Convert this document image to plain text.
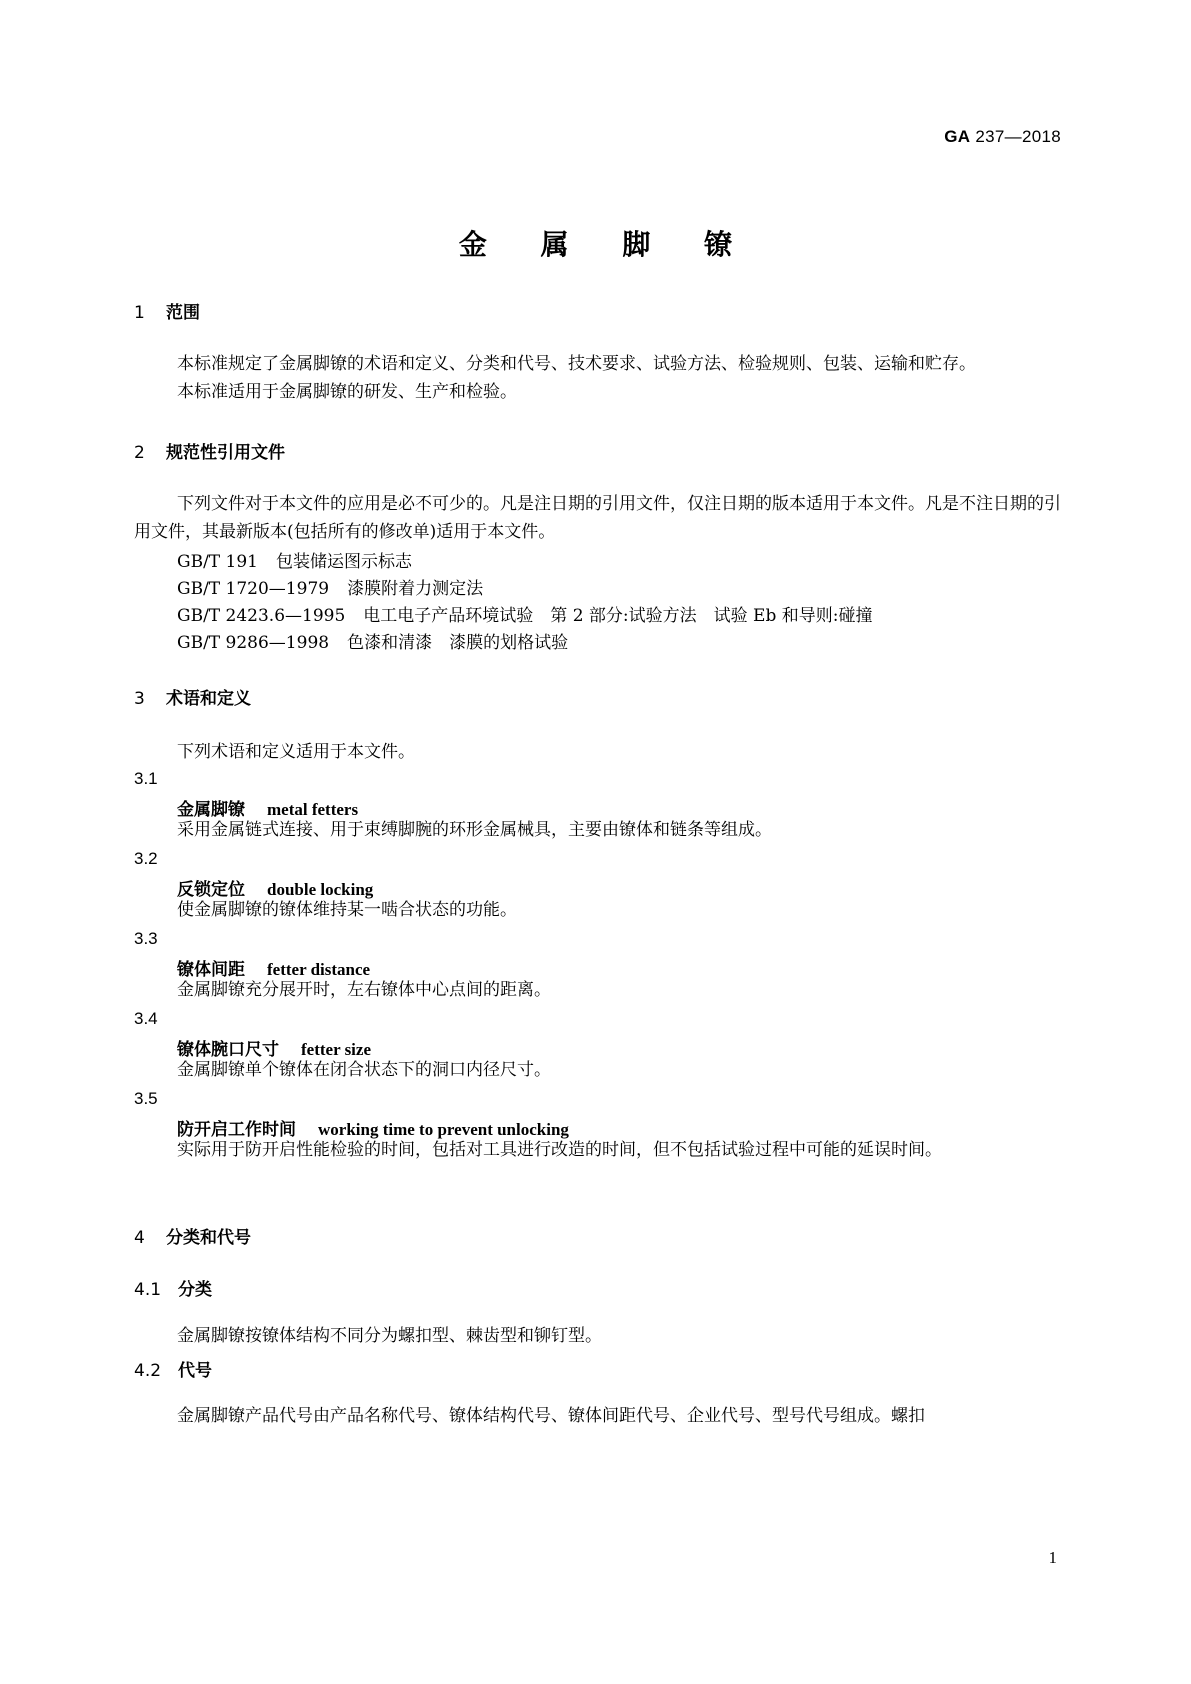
GA 237—2018
金 属 脚 镣
1 范围
本标准规定了金属脚镣的术语和定义、分类和代号、技术要求、试验方法、检验规则、包装、运输和贮存。
本标准适用于金属脚镣的研发、生产和检验。
2 规范性引用文件
下列文件对于本文件的应用是必不可少的。凡是注日期的引用文件，仅注日期的版本适用于本文件。凡是不注日期的引用文件，其最新版本(包括所有的修改单)适用于本文件。
GB/T 191 包装储运图示标志
GB/T 1720—1979 漆膜附着力测定法
GB/T 2423.6—1995 电工电子产品环境试验　第 2 部分:试验方法　试验 Eb 和导则:碰撞
GB/T 9286—1998 色漆和清漆　漆膜的划格试验
3 术语和定义
下列术语和定义适用于本文件。
3.1
金属脚镣 metal fetters
采用金属链式连接、用于束缚脚腕的环形金属械具，主要由镣体和链条等组成。
3.2
反锁定位 double locking
使金属脚镣的镣体维持某一啮合状态的功能。
3.3
镣体间距 fetter distance
金属脚镣充分展开时，左右镣体中心点间的距离。
3.4
镣体腕口尺寸 fetter size
金属脚镣单个镣体在闭合状态下的洞口内径尺寸。
3.5
防开启工作时间 working time to prevent unlocking
实际用于防开启性能检验的时间，包括对工具进行改造的时间，但不包括试验过程中可能的延误时间。
4 分类和代号
4.1 分类
金属脚镣按镣体结构不同分为螺扣型、棘齿型和铆钉型。
4.2 代号
金属脚镣产品代号由产品名称代号、镣体结构代号、镣体间距代号、企业代号、型号代号组成。螺扣
1
